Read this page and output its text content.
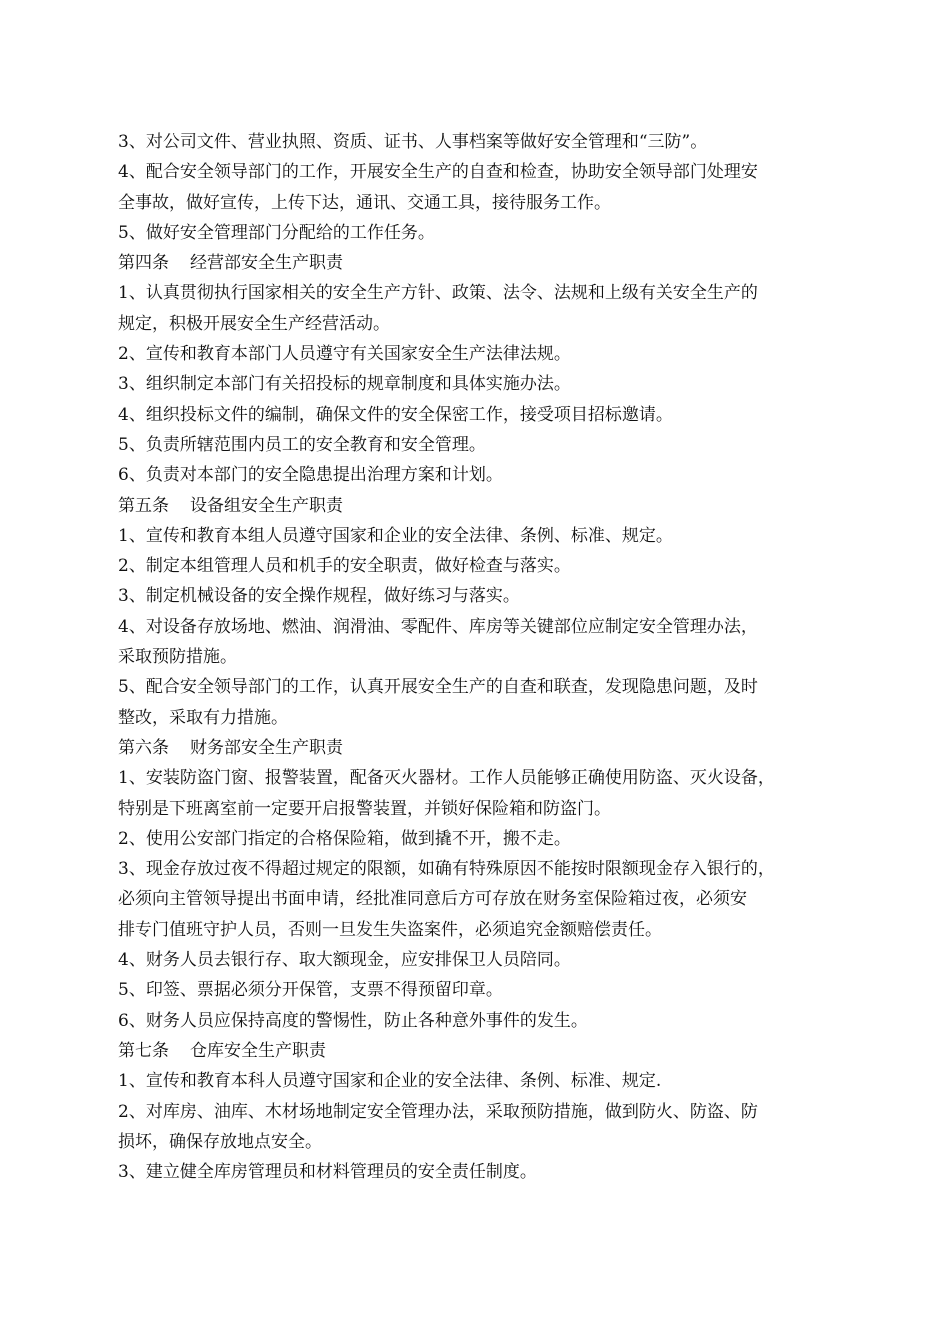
3、对公司文件、营业执照、资质、证书、人事档案等做好安全管理和“三防”。
4、配合安全领导部门的工作，开展安全生产的自查和检查，协助安全领导部门处理安
全事故，做好宣传，上传下达，通讯、交通工具，接待服务工作。
5、做好安全管理部门分配给的工作任务。
第四条 经营部安全生产职责
1、认真贯彻执行国家相关的安全生产方针、政策、法令、法规和上级有关安全生产的
规定，积极开展安全生产经营活动。
2、宣传和教育本部门人员遵守有关国家安全生产法律法规。
3、组织制定本部门有关招投标的规章制度和具体实施办法。
4、组织投标文件的编制，确保文件的安全保密工作，接受项目招标邀请。
5、负责所辖范围内员工的安全教育和安全管理。
6、负责对本部门的安全隐患提出治理方案和计划。
第五条 设备组安全生产职责
1、宣传和教育本组人员遵守国家和企业的安全法律、条例、标准、规定。
2、制定本组管理人员和机手的安全职责，做好检查与落实。
3、制定机械设备的安全操作规程，做好练习与落实。
4、对设备存放场地、燃油、润滑油、零配件、库房等关键部位应制定安全管理办法，
采取预防措施。
5、配合安全领导部门的工作，认真开展安全生产的自查和联查，发现隐患问题，及时
整改，采取有力措施。
第六条 财务部安全生产职责
1、安装防盗门窗、报警装置，配备灭火器材。工作人员能够正确使用防盗、灭火设备，
特别是下班离室前一定要开启报警装置，并锁好保险箱和防盗门。
2、使用公安部门指定的合格保险箱，做到撬不开，搬不走。
3、现金存放过夜不得超过规定的限额，如确有特殊原因不能按时限额现金存入银行的，
必须向主管领导提出书面申请，经批准同意后方可存放在财务室保险箱过夜，必须安
排专门值班守护人员，否则一旦发生失盗案件，必须追究金额赔偿责任。
4、财务人员去银行存、取大额现金，应安排保卫人员陪同。
5、印签、票据必须分开保管，支票不得预留印章。
6、财务人员应保持高度的警惕性，防止各种意外事件的发生。
第七条 仓库安全生产职责
1、宣传和教育本科人员遵守国家和企业的安全法律、条例、标准、规定.
2、对库房、油库、木材场地制定安全管理办法，采取预防措施，做到防火、防盗、防
损坏，确保存放地点安全。
3、建立健全库房管理员和材料管理员的安全责任制度。
